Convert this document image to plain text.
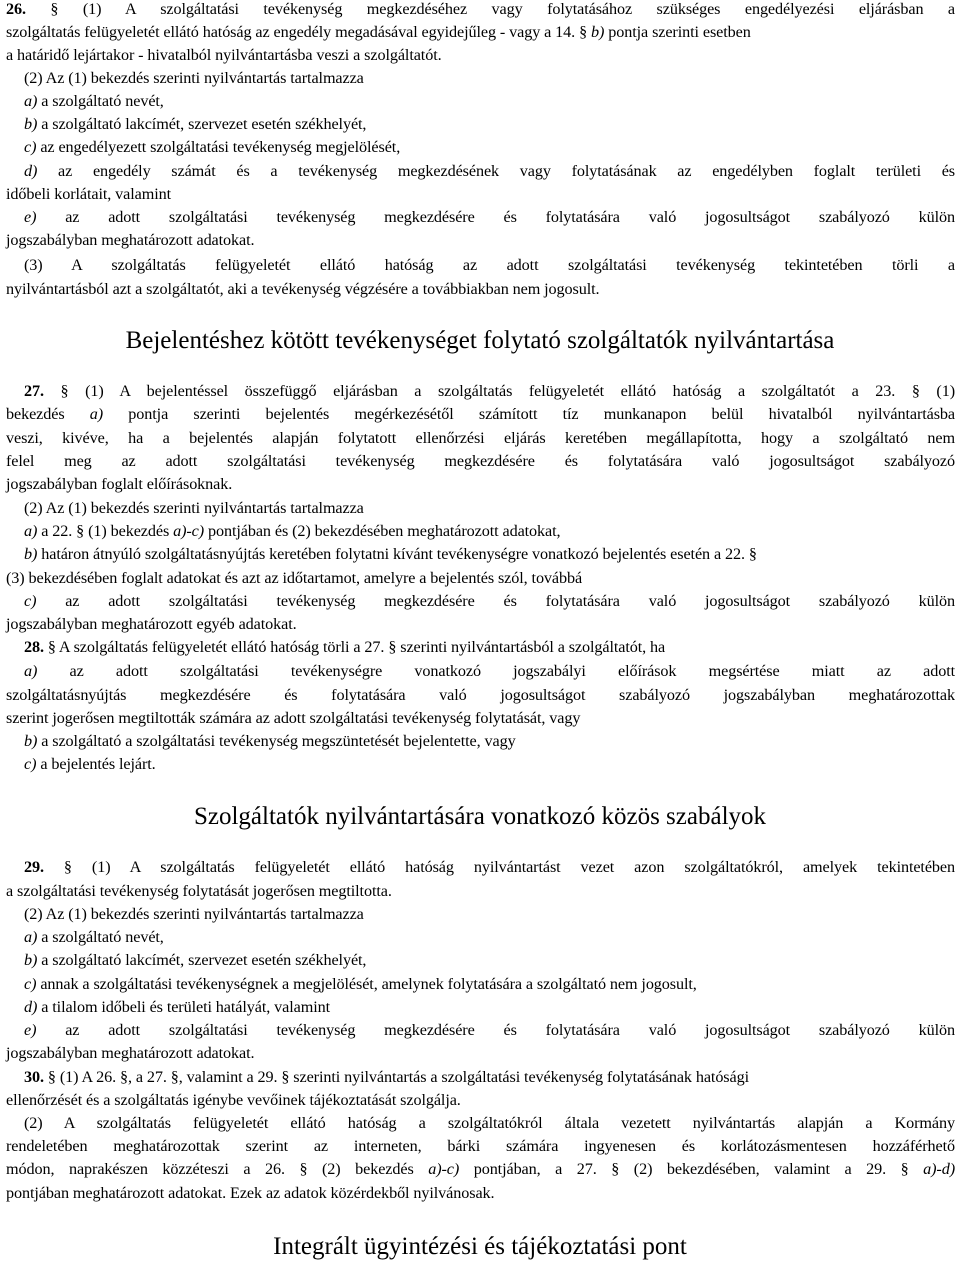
26. § (1) A szolgáltatási tevékenység megkezdéséhez vagy folytatásához szükséges engedélyezési eljárásban a
szolgáltatás felügyeletét ellátó hatóság az engedély megadásával egyidejűleg - vagy a 14. § b) pontja szerinti esetben
a határidő lejártakor - hivatalból nyilvántartásba veszi a szolgáltatót.
(2) Az (1) bekezdés szerinti nyilvántartás tartalmazza
a) a szolgáltató nevét,
b) a szolgáltató lakcímét, szervezet esetén székhelyét,
c) az engedélyezett szolgáltatási tevékenység megjelölését,
d) az engedély számát és a tevékenység megkezdésének vagy folytatásának az engedélyben foglalt területi és
időbeli korlátait, valamint
e) az adott szolgáltatási tevékenység megkezdésére és folytatására való jogosultságot szabályozó külön
jogszabályban meghatározott adatokat.
(3) A szolgáltatás felügyeletét ellátó hatóság az adott szolgáltatási tevékenység tekintetében törli a
nyilvántartásból azt a szolgáltatót, aki a tevékenység végzésére a továbbiakban nem jogosult.
Bejelentéshez kötött tevékenységet folytató szolgáltatók nyilvántartása
27. § (1) A bejelentéssel összefüggő eljárásban a szolgáltatás felügyeletét ellátó hatóság a szolgáltatót a 23. § (1)
bekezdés a) pontja szerinti bejelentés megérkezésétől számított tíz munkanapon belül hivatalból nyilvántartásba
veszi, kivéve, ha a bejelentés alapján folytatott ellenőrzési eljárás keretében megállapította, hogy a szolgáltató nem
felel meg az adott szolgáltatási tevékenység megkezdésére és folytatására való jogosultságot szabályozó
jogszabályban foglalt előírásoknak.
(2) Az (1) bekezdés szerinti nyilvántartás tartalmazza
a) a 22. § (1) bekezdés a)-c) pontjában és (2) bekezdésében meghatározott adatokat,
b) határon átnyúló szolgáltatásnyújtás keretében folytatni kívánt tevékenységre vonatkozó bejelentés esetén a 22. §
(3) bekezdésében foglalt adatokat és azt az időtartamot, amelyre a bejelentés szól, továbbá
c) az adott szolgáltatási tevékenység megkezdésére és folytatására való jogosultságot szabályozó külön
jogszabályban meghatározott egyéb adatokat.
28. § A szolgáltatás felügyeletét ellátó hatóság törli a 27. § szerinti nyilvántartásból a szolgáltatót, ha
a) az adott szolgáltatási tevékenységre vonatkozó jogszabályi előírások megsértése miatt az adott
szolgáltatásnyújtás megkezdésére és folytatására való jogosultságot szabályozó jogszabályban meghatározottak
szerint jogerősen megtiltották számára az adott szolgáltatási tevékenység folytatását, vagy
b) a szolgáltató a szolgáltatási tevékenység megszüntetését bejelentette, vagy
c) a bejelentés lejárt.
Szolgáltatók nyilvántartására vonatkozó közös szabályok
29. § (1) A szolgáltatás felügyeletét ellátó hatóság nyilvántartást vezet azon szolgáltatókról, amelyek tekintetében
a szolgáltatási tevékenység folytatását jogerősen megtiltotta.
(2) Az (1) bekezdés szerinti nyilvántartás tartalmazza
a) a szolgáltató nevét,
b) a szolgáltató lakcímét, szervezet esetén székhelyét,
c) annak a szolgáltatási tevékenységnek a megjelölését, amelynek folytatására a szolgáltató nem jogosult,
d) a tilalom időbeli és területi hatályát, valamint
e) az adott szolgáltatási tevékenység megkezdésére és folytatására való jogosultságot szabályozó külön
jogszabályban meghatározott adatokat.
30. § (1) A 26. §, a 27. §, valamint a 29. § szerinti nyilvántartás a szolgáltatási tevékenység folytatásának hatósági
ellenőrzését és a szolgáltatás igénybe vevőinek tájékoztatását szolgálja.
(2) A szolgáltatás felügyeletét ellátó hatóság a szolgáltatókról általa vezetett nyilvántartás alapján a Kormány
rendeletében meghatározottak szerint az interneten, bárki számára ingyenesen és korlátozásmentesen hozzáférhető
módon, naprakészen közzéteszi a 26. § (2) bekezdés a)-c) pontjában, a 27. § (2) bekezdésében, valamint a 29. § a)-d)
pontjában meghatározott adatokat. Ezek az adatok közérdekből nyilvánosak.
Integrált ügyintézési és tájékoztatási pont
